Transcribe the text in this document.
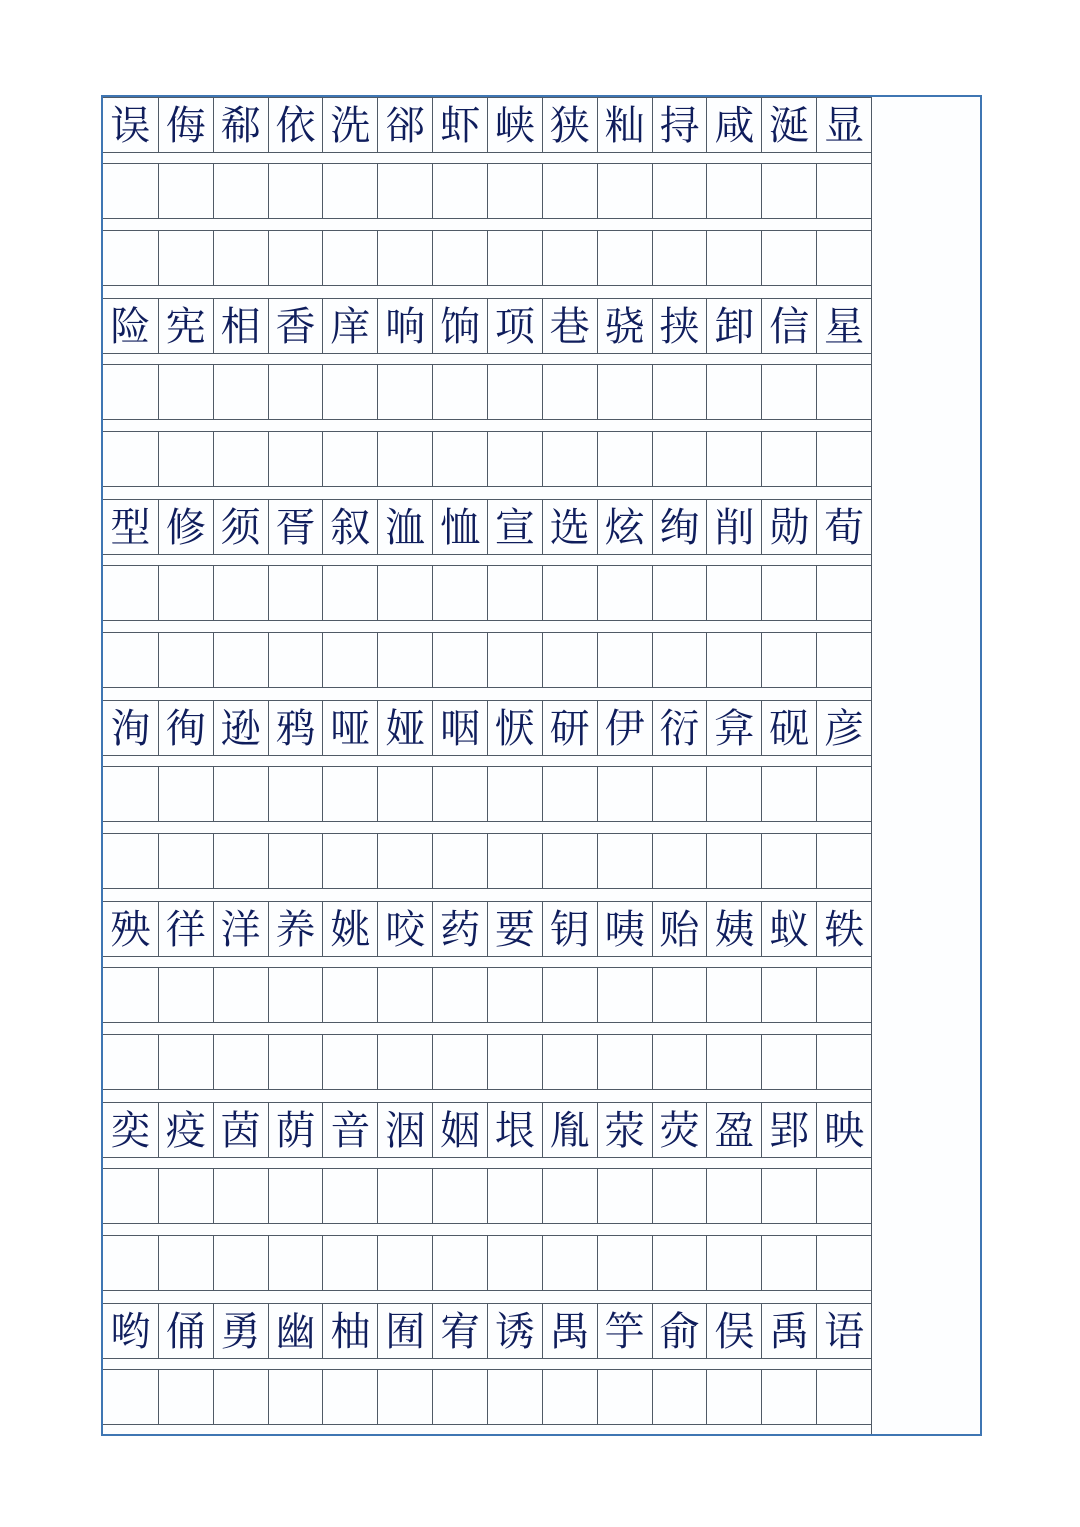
误 侮 郗 依 洗 郤 虾 峡 狭 籼 挦 咸 涎 显
险 宪 相 香 庠 响 饷 项 巷 骁 挟 卸 信 星
型 修 须 胥 叙 洫 恤 宣 选 炫 绚 削 勋 荀
洵 徇 逊 鸦 哑 娅 咽 恹 研 伊 衍 弇 砚 彦
殃 徉 洋 养 姚 咬 药 要 钥 咦 贻 姨 蚁 轶
奕 疫 茵 荫 音 洇 姻 垠 胤 荥 荧 盈 郢 映
哟 俑 勇 幽 柚 囿 宥 诱 禺 竽 俞 俣 禹 语
